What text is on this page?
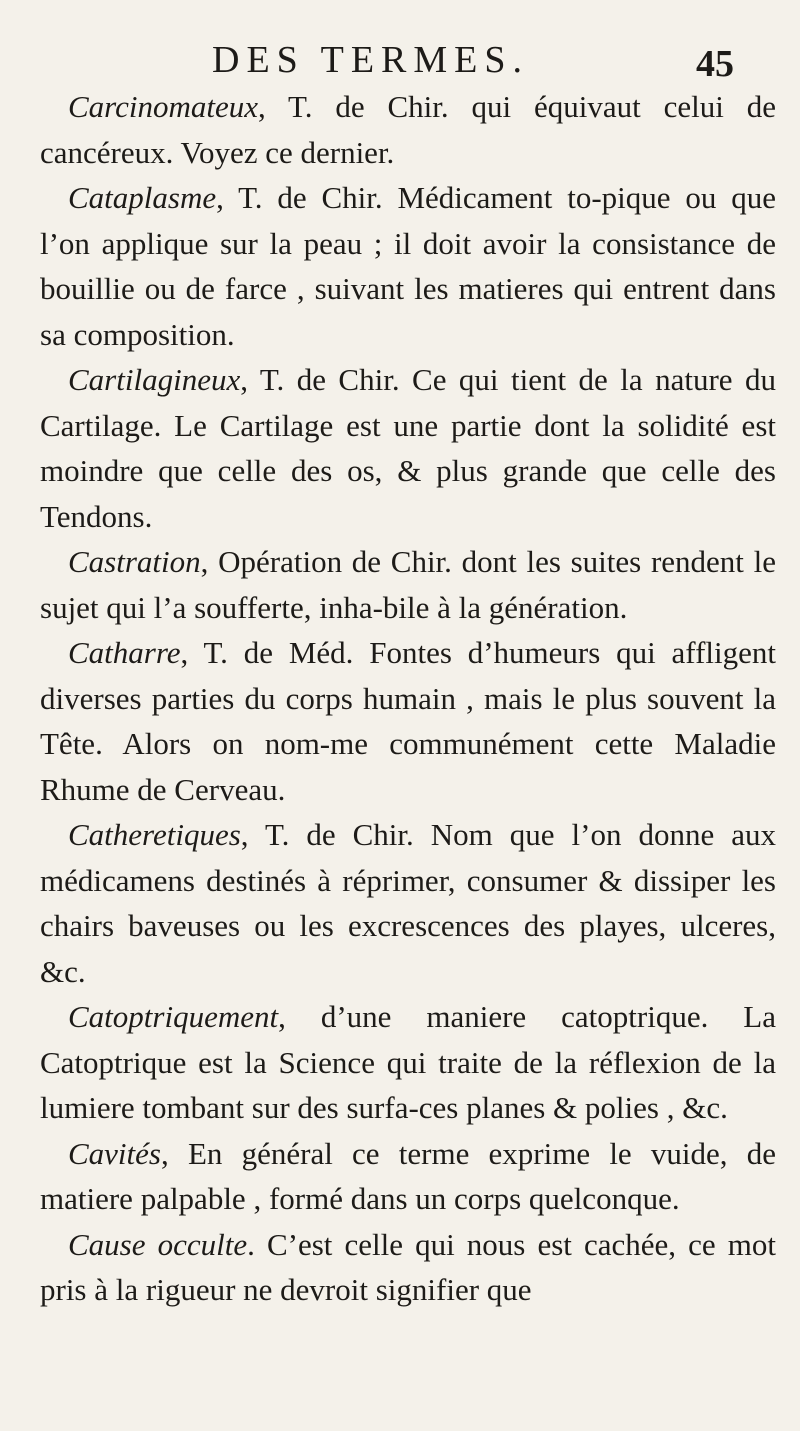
DES TERMES.	45

Carcinomateux, T. de Chir. qui équivaut celui de cancéreux. Voyez ce dernier.

Cataplasme, T. de Chir. Médicament to-pique ou que l’on applique sur la peau ; il doit avoir la consistance de bouillie ou de farce , suivant les matieres qui entrent dans sa composition.

Cartilagineux, T. de Chir. Ce qui tient de la nature du Cartilage. Le Cartilage est une partie dont la solidité est moindre que celle des os, & plus grande que celle des Tendons.

Castration, Opération de Chir. dont les suites rendent le sujet qui l’a soufferte, inha-bile à la génération.

Catharre, T. de Méd. Fontes d’humeurs qui affligent diverses parties du corps humain , mais le plus souvent la Tête. Alors on nom-me communément cette Maladie Rhume de Cerveau.

Catheretiques, T. de Chir. Nom que l’on donne aux médicamens destinés à réprimer, consumer & dissiper les chairs baveuses ou les excrescences des playes, ulceres, &c.

Catoptriquement, d’une maniere catoptrique. La Catoptrique est la Science qui traite de la réflexion de la lumiere tombant sur des surfa-ces planes & polies , &c.

Cavités, En général ce terme exprime le vuide, de matiere palpable , formé dans un corps quelconque.

Cause occulte. C’est celle qui nous est cachée, ce mot pris à la rigueur ne devroit signifier que
